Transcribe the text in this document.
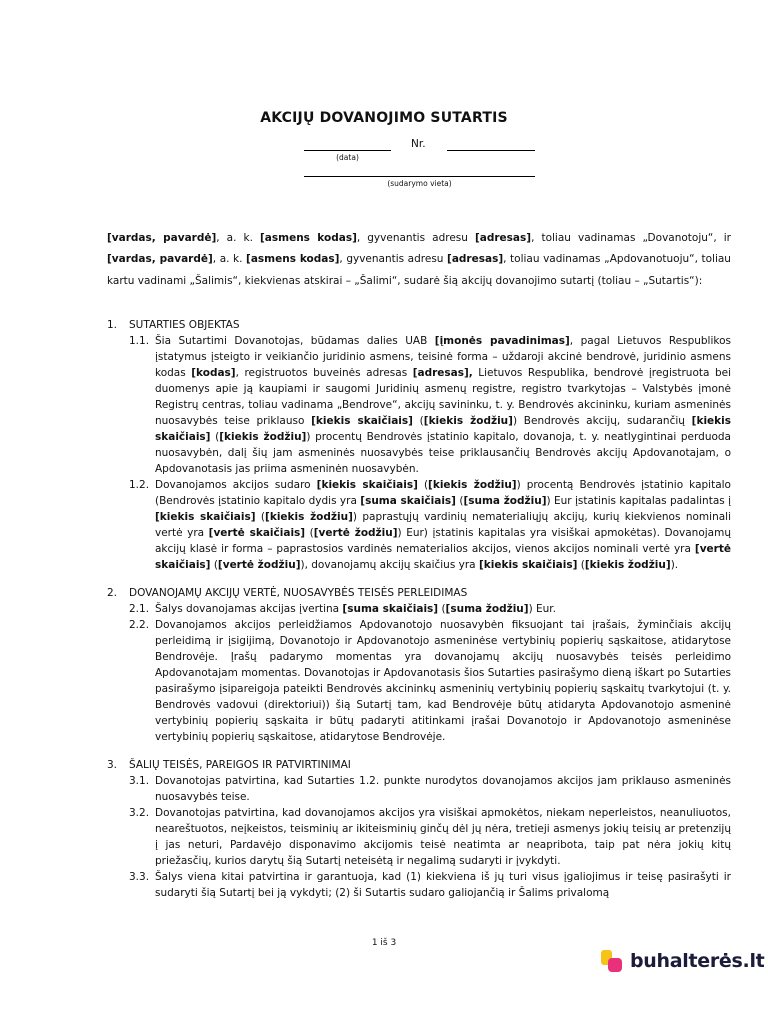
AKCIJŲ DOVANOJIMO SUTARTIS
(data)
Nr.
(sudarymo vieta)
[vardas, pavardė], a. k. [asmens kodas], gyvenantis adresu [adresas], toliau vadinamas „Dovanotoju“, ir [vardas, pavardė], a. k. [asmens kodas], gyvenantis adresu [adresas], toliau vadinamas „Apdovanotuoju“, toliau kartu vadinami „Šalimis“, kiekvienas atskirai – „Šalimi“, sudarė šią akcijų dovanojimo sutartį (toliau – „Sutartis“):
1.	SUTARTIES OBJEKTAS
1.1. Šia Sutartimi Dovanotojas, būdamas dalies UAB [įmonės pavadinimas], pagal Lietuvos Respublikos įstatymus įsteigto ir veikiančio juridinio asmens, teisinė forma – uždaroji akcinė bendrovė, juridinio asmens kodas [kodas], registruotos buveinės adresas [adresas], Lietuvos Respublika, bendrovė įregistruota bei duomenys apie ją kaupiami ir saugomi Juridinių asmenų registre, registro tvarkytojas – Valstybės įmonė Registrų centras, toliau vadinama „Bendrove“, akcijų savininku, t. y. Bendrovės akcininku, kuriam asmeninės nuosavybės teise priklauso [kiekis skaičiais] ([kiekis žodžiu]) Bendrovės akcijų, sudarančių [kiekis skaičiais] ([kiekis žodžiu]) procentų Bendrovės įstatinio kapitalo, dovanoja, t. y. neatlygintinai perduoda nuosavybėn, dalį šių jam asmeninės nuosavybės teise priklausančių Bendrovės akcijų Apdovanotajam, o Apdovanotasis jas priima asmeninėn nuosavybėn.
1.2. Dovanojamos akcijos sudaro [kiekis skaičiais] ([kiekis žodžiu]) procentą Bendrovės įstatinio kapitalo (Bendrovės įstatinio kapitalo dydis yra [suma skaičiais] ([suma žodžiu]) Eur įstatinis kapitalas padalintas į [kiekis skaičiais] ([kiekis žodžiu]) paprastųjų vardinių nematerialiųjų akcijų, kurių kiekvienos nominali vertė yra [vertė skaičiais] ([vertė žodžiu]) Eur) įstatinis kapitalas yra visiškai apmokėtas). Dovanojamų akcijų klasė ir forma – paprastosios vardinės nematerialios akcijos, vienos akcijos nominali vertė yra [vertė skaičiais] ([vertė žodžiu]), dovanojamų akcijų skaičius yra [kiekis skaičiais] ([kiekis žodžiu]).
2.	DOVANOJAMŲ AKCIJŲ VERTĖ, NUOSAVYBĖS TEISĖS PERLEIDIMAS
2.1. Šalys dovanojamas akcijas įvertina [suma skaičiais] ([suma žodžiu]) Eur.
2.2. Dovanojamos akcijos perleidžiamos Apdovanotojo nuosavybėn fiksuojant tai įrašais, žyminčiais akcijų perleidimą ir įsigijimą, Dovanotojo ir Apdovanotojo asmeninėse vertybinių popierių sąskaitose, atidarytose Bendrovėje. Įrašų padarymo momentas yra dovanojamų akcijų nuosavybės teisės perleidimo Apdovanotajam momentas. Dovanotojas ir Apdovanotasis šios Sutarties pasirašymo dieną iškart po Sutarties pasirašymo įsipareigoja pateikti Bendrovės akcininkų asmeninių vertybinių popierių sąskaitų tvarkytojui (t. y. Bendrovės vadovui (direktoriui)) šią Sutartį tam, kad Bendrovėje būtų atidaryta Apdovanotojo asmeninė vertybinių popierių sąskaita ir būtų padaryti atitinkami įrašai Dovanotojo ir Apdovanotojo asmeninėse vertybinių popierių sąskaitose, atidarytose Bendrovėje.
3.	ŠALIŲ TEISĖS, PAREIGOS IR PATVIRTINIMAI
3.1. Dovanotojas patvirtina, kad Sutarties 1.2. punkte nurodytos dovanojamos akcijos jam priklauso asmeninės nuosavybės teise.
3.2. Dovanotojas patvirtina, kad dovanojamos akcijos yra visiškai apmokėtos, niekam neperleistos, neanuliuotos, neareštuotos, neįkeistos, teisminių ar ikiteisminių ginčų dėl jų nėra, tretieji asmenys jokių teisių ar pretenzijų į jas neturi, Pardavėjo disponavimo akcijomis teisė neatimta ar neapribota, taip pat nėra jokių kitų priežasčių, kurios darytų šią Sutartį neteisėtą ir negalimą sudaryti ir įvykdyti.
3.3. Šalys viena kitai patvirtina ir garantuoja, kad (1) kiekviena iš jų turi visus įgaliojimus ir teisę pasirašyti ir sudaryti šią Sutartį bei ją vykdyti; (2) ši Sutartis sudaro galiojančią ir Šalims privalomą
1 iš 3
buhalterės.lt
